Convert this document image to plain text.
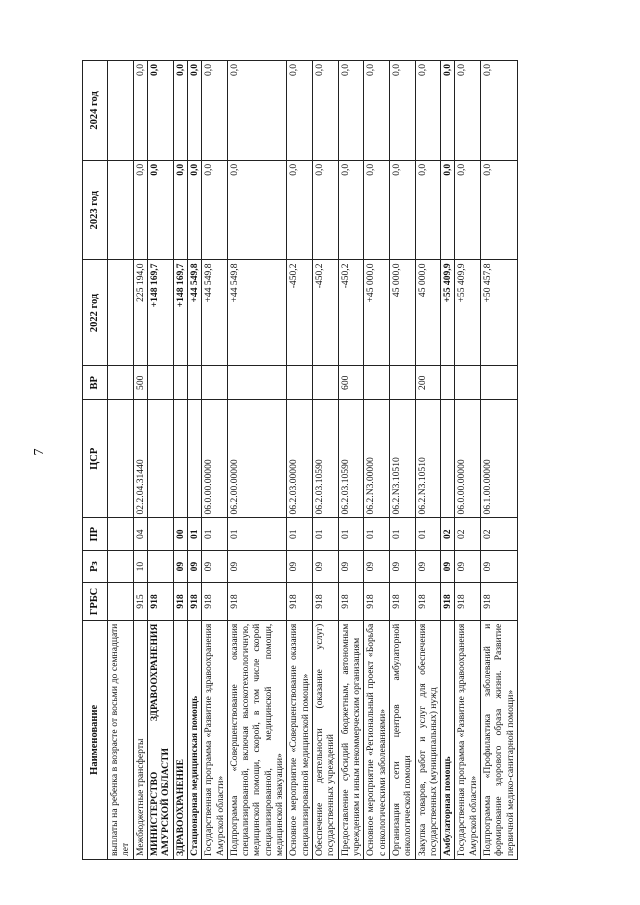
7
Наименование	ГРБС	Рз	ПР	ЦСР	ВР	2022 год	2023 год	2024 год
выплаты на ребенка в возрасте от восьми до семнадцати лет								
Межбюджетные трансферты	915	10	04	02.2.04.31440	500	225 194,0	0,0	0,0
МИНИСТЕРСТВО ЗДРАВООХРАНЕНИЯ АМУРСКОЙ ОБЛАСТИ	918					+148 169,7	0,0	0,0
ЗДРАВООХРАНЕНИЕ	918	09	00			+148 169,7	0,0	0,0
Стационарная медицинская помощь	918	09	01			+44 549,8	0,0	0,0
Государственная программа «Развитие здравоохранения Амурской области»	918	09	01	06.0.00.00000		+44 549,8	0,0	0,0
Подпрограмма «Совершенствование оказания специализированной, включая высокотехнологичную, медицинской помощи, скорой, в том числе скорой специализированной, медицинской помощи, медицинской эвакуации»	918	09	01	06.2.00.00000		+44 549,8	0,0	0,0
Основное мероприятие «Совершенствование оказания специализированной медицинской помощи»	918	09	01	06.2.03.00000		-450,2	0,0	0,0
Обеспечение деятельности (оказание услуг) государственных учреждений	918	09	01	06.2.03.10590		-450,2	0,0	0,0
Предоставление субсидий бюджетным, автономным учреждениям и иным некоммерческим организациям	918	09	01	06.2.03.10590	600	-450,2	0,0	0,0
Основное мероприятие «Региональный проект «Борьба с онкологическими заболеваниями»	918	09	01	06.2.N3.00000		+45 000,0	0,0	0,0
Организация сети центров амбулаторной онкологической помощи	918	09	01	06.2.N3.10510		45 000,0	0,0	0,0
Закупка товаров, работ и услуг для обеспечения государственных (муниципальных) нужд	918	09	01	06.2.N3.10510	200	45 000,0	0,0	0,0
Амбулаторная помощь	918	09	02			+55 409,9	0,0	0,0
Государственная программа «Развитие здравоохранения Амурской области»	918	09	02	06.0.00.00000		+55 409,9	0,0	0,0
Подпрограмма «Профилактика заболеваний и формирование здорового образа жизни. Развитие первичной медико-санитарной помощи»	918	09	02	06.1.00.00000		+50 457,8	0,0	0,0
